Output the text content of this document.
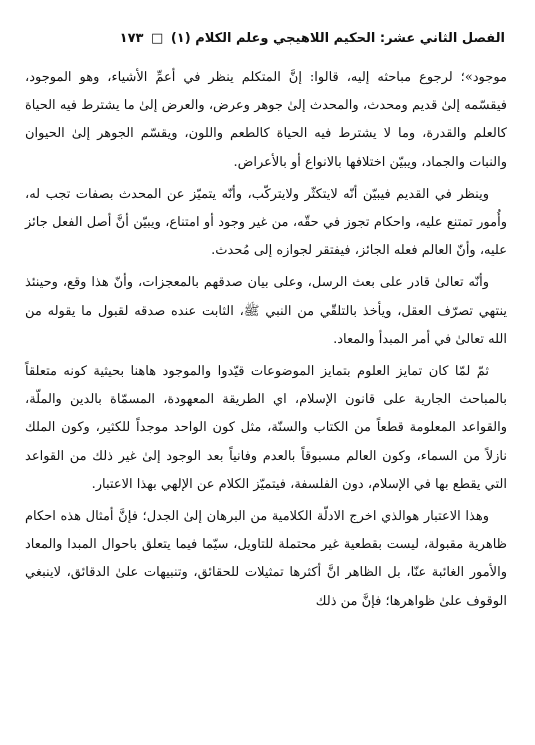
الفصل الثاني عشر: الحكيم اللاهيجي وعلم الكلام (١) □ ١٧٣

موجود»؛ لرجوع مباحثه إليه، قالوا: إنَّ المتكلم ينظر في أعمِّ الأشياء، وهو الموجود، فيقسّمه إلىٰ قديم ومحدث، والمحدث إلىٰ جوهر وعرض، والعرض إلىٰ ما يشترط فيه الحياة كالعلم والقدرة، وما لا يشترط فيه الحياة كالطعم واللون، ويقسّم الجوهر إلىٰ الحيوان والنبات والجماد، ويبيّن اختلافها بالانواع أو بالأعراض.

وينظر في القديم فيبيّن أنّه لايتكثّر ولايتركّب، وأنّه يتميّز عن المحدث بصفات تجب له، وأُمور تمتنع عليه، واحكام تجوز في حقّه، من غير وجود أو امتناع، ويبيّن أنَّ أصل الفعل جائز عليه، وأنّ العالم فعله الجائز، فيفتقر لجوازه إلى مُحدث.

وأنّه تعالىٰ قادر على بعث الرسل، وعلى بيان صدقهم بالمعجزات، وأنّ هذا وقع، وحينئذ ينتهي تصرّف العقل، ويأخذ بالتلقّي من النبي ﷺ، الثابت عنده صدقه لقبول ما يقوله من الله تعالىٰ في أمر المبدأ والمعاد.

ثمّ لمّا كان تمايز العلوم بتمايز الموضوعات قيّدوا والموجود هاهنا بحيثية كونه متعلقاً بالمباحث الجارية على قانون الإسلام، اي الطريقة المعهودة، المسمّاة بالدين والملّة، والقواعد المعلومة قطعاً من الكتاب والسنّة، مثل كون الواحد موجداً للكثير، وكون الملك نازلاً من السماء، وكون العالم مسبوقاً بالعدم وفانياً بعد الوجود إلىٰ غير ذلك من القواعد التي يقطع بها في الإسلام، دون الفلسفة، فيتميّز الكلام عن الإلهي بهذا الاعتبار.

وهذا الاعتبار هوالذي اخرج الادلّة الكلامية من البرهان إلىٰ الجدل؛ فإنَّ أمثال هذه احكام ظاهرية مقبولة، ليست بقطعية غير محتملة للتاويل، سيّما فيما يتعلق باحوال المبدا والمعاد والأمور الغائبة عنّا، بل الظاهر انَّ أكثرها تمثيلات للحقائق، وتنبيهات علىٰ الدقائق، لاينبغي الوقوف علىٰ ظواهرها؛ فإنَّ من ذلك
